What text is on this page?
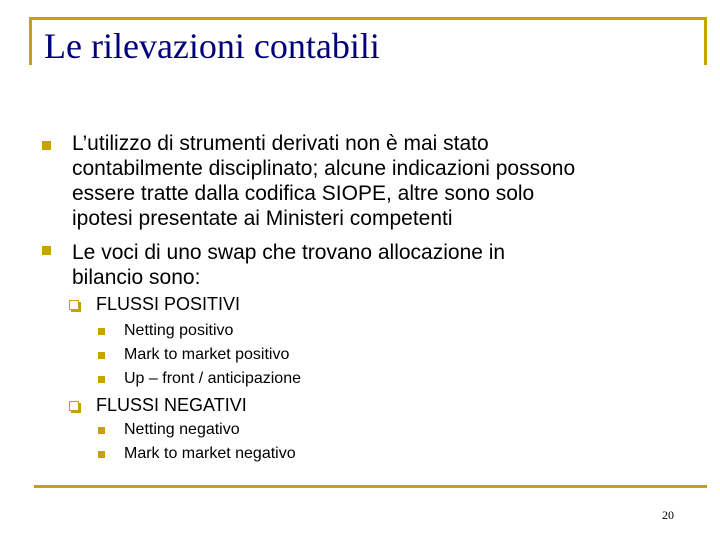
Le rilevazioni contabili
L’utilizzo di strumenti derivati non è mai stato
contabilmente disciplinato; alcune indicazioni possono
essere tratte dalla codifica SIOPE, altre sono solo
ipotesi presentate ai Ministeri competenti
Le voci di uno swap che trovano allocazione in
bilancio sono:
FLUSSI POSITIVI
Netting positivo
Mark to market positivo
Up – front / anticipazione
FLUSSI NEGATIVI
Netting negativo
Mark to market negativo
20
